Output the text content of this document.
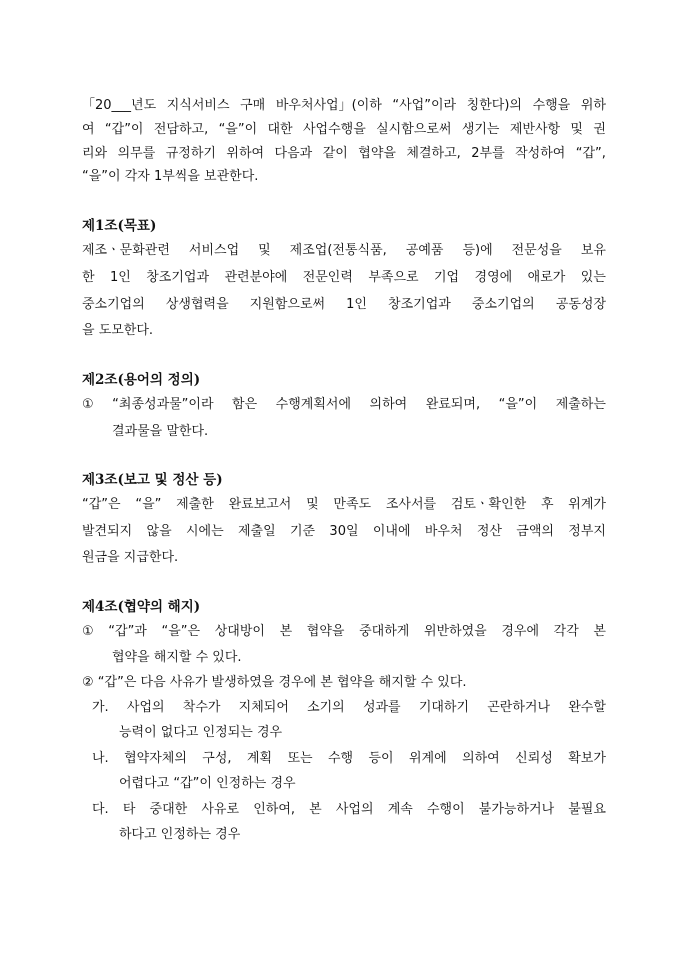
「20___년도 지식서비스 구매 바우처사업」(이하 “사업”이라 칭한다)의 수행을 위하
여 “갑”이 전담하고, “을”이 대한 사업수행을 실시함으로써 생기는 제반사항 및 권
리와 의무를 규정하기 위하여 다음과 같이 협약을 체결하고, 2부를 작성하여 “갑”,
“을”이 각자 1부씩을 보관한다.
제1조(목표)
제조ㆍ문화관련 서비스업 및 제조업(전통식품, 공예품 등)에 전문성을 보유
한 1인 창조기업과 관련분야에 전문인력 부족으로 기업 경영에 애로가 있는
중소기업의 상생협력을 지원함으로써 1인 창조기업과 중소기업의 공동성장
을 도모한다.
제2조(용어의 정의)
① “최종성과물”이라 함은 수행계획서에 의하여 완료되며, “을”이 제출하는
결과물을 말한다.
제3조(보고 및 정산 등)
“갑”은 “을” 제출한 완료보고서 및 만족도 조사서를 검토ㆍ확인한 후 위계가
발견되지 않을 시에는 제출일 기준 30일 이내에 바우처 정산 금액의 정부지
원금을 지급한다.
제4조(협약의 해지)
① “갑”과 “을”은 상대방이 본 협약을 중대하게 위반하였을 경우에 각각 본
협약을 해지할 수 있다.
② “갑”은 다음 사유가 발생하였을 경우에 본 협약을 해지할 수 있다.
가. 사업의 착수가 지체되어 소기의 성과를 기대하기 곤란하거나 완수할
능력이 없다고 인정되는 경우
나. 협약자체의 구성, 계획 또는 수행 등이 위계에 의하여 신뢰성 확보가
어렵다고 “갑”이 인정하는 경우
다. 타 중대한 사유로 인하여, 본 사업의 계속 수행이 불가능하거나 불필요
하다고 인정하는 경우
